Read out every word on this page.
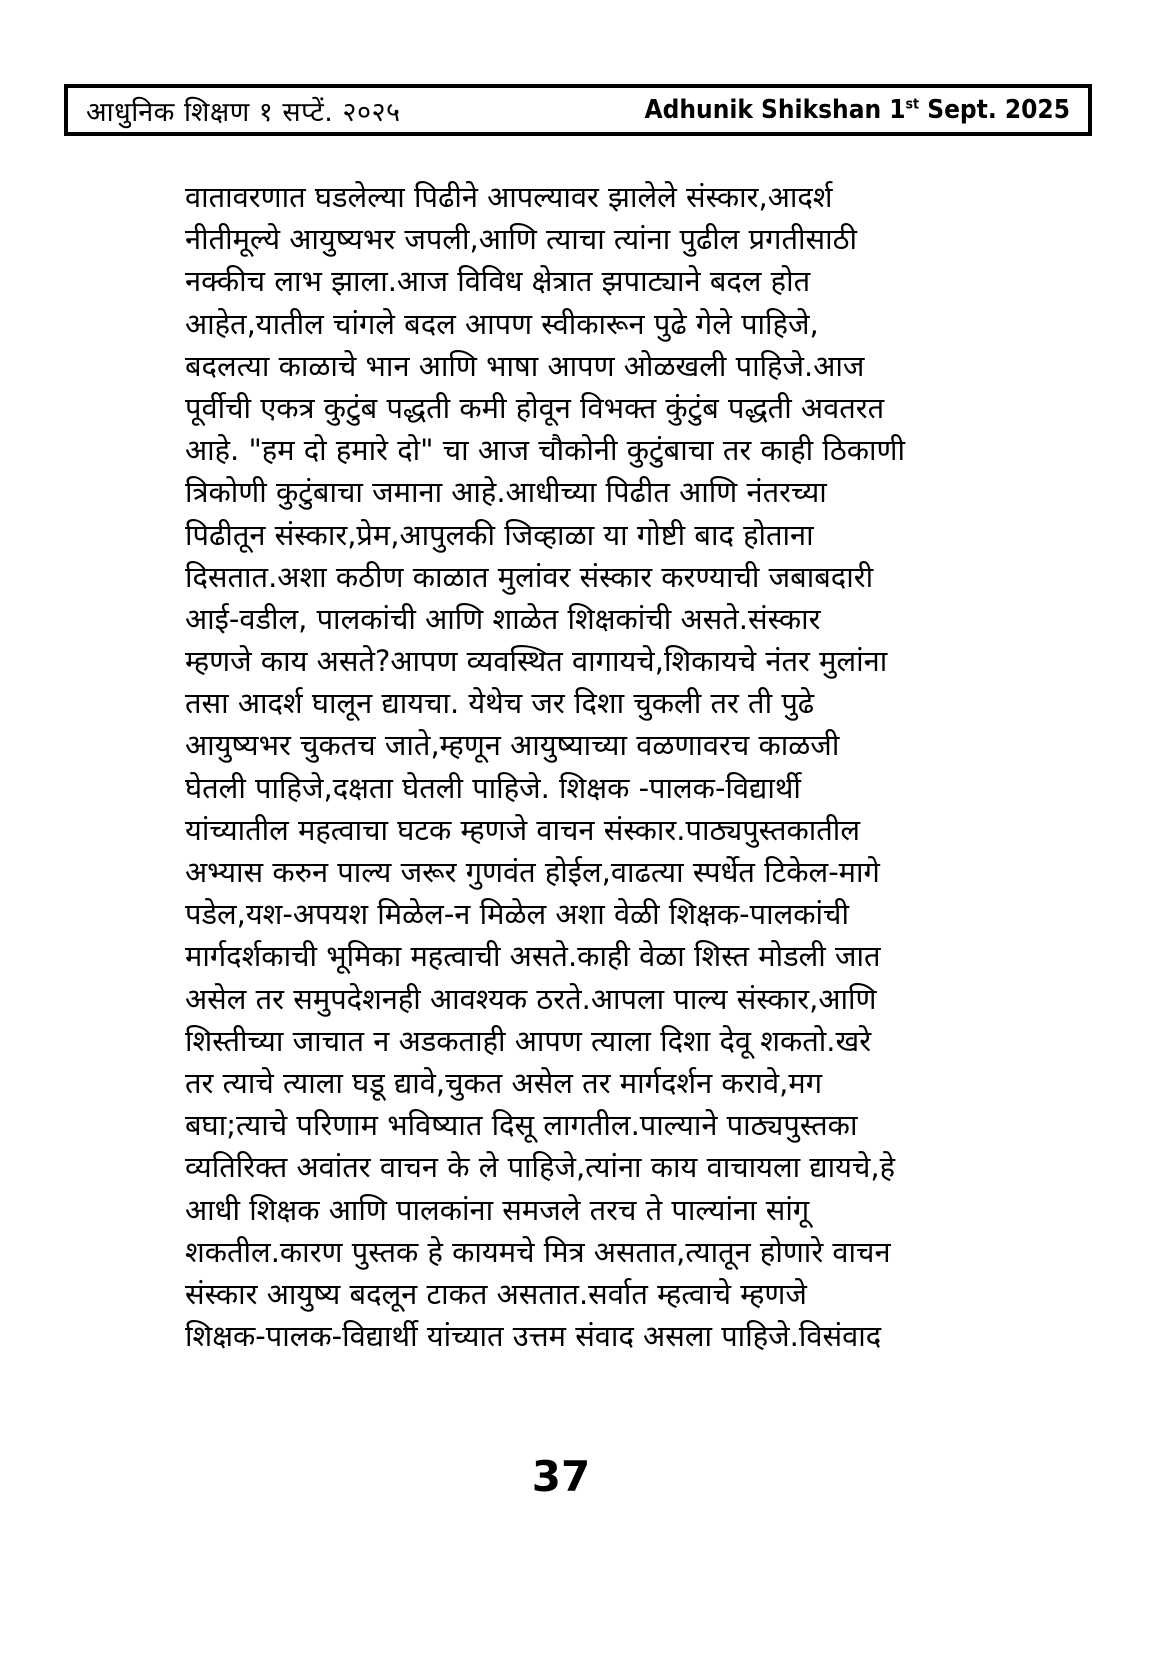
आधुनिक शिक्षण १ सप्टें. २०२५	Adhunik Shikshan 1st Sept. 2025
वातावरणात घडलेल्या पिढीने आपल्यावर झालेले संस्कार,आदर्श
नीतीमूल्ये आयुष्यभर जपली,आणि त्याचा त्यांना पुढील प्रगतीसाठी
नक्कीच लाभ झाला.आज विविध क्षेत्रात झपाट्याने बदल होत
आहेत,यातील चांगले बदल आपण स्वीकारून पुढे गेले पाहिजे,
बदलत्या काळाचे भान आणि भाषा आपण ओळखली पाहिजे.आज
पूर्वीची एकत्र कुटुंब पद्धती कमी होवून विभक्त कुंटुंब पद्धती अवतरत
आहे. "हम दो हमारे दो" चा आज चौकोनी कुटुंबाचा तर काही ठिकाणी
त्रिकोणी कुटुंबाचा जमाना आहे.आधीच्या पिढीत आणि नंतरच्या
पिढीतून संस्कार,प्रेम,आपुलकी जिव्हाळा या गोष्टी बाद होताना
दिसतात.अशा कठीण काळात मुलांवर संस्कार करण्याची जबाबदारी
आई-वडील, पालकांची आणि शाळेत शिक्षकांची असते.संस्कार
म्हणजे काय असते?आपण व्यवस्थित वागायचे,शिकायचे नंतर मुलांना
तसा आदर्श घालून द्यायचा. येथेच जर दिशा चुकली तर ती पुढे
आयुष्यभर चुकतच जाते,म्हणून आयुष्याच्या वळणावरच काळजी
घेतली पाहिजे,दक्षता घेतली पाहिजे. शिक्षक -पालक-विद्यार्थी
यांच्यातील महत्वाचा घटक म्हणजे वाचन संस्कार.पाठ्यपुस्तकातील
अभ्यास करुन पाल्य जरूर गुणवंत होईल,वाढत्या स्पर्धेत टिकेल-मागे
पडेल,यश-अपयश मिळेल-न मिळेल अशा वेळी शिक्षक-पालकांची
मार्गदर्शकाची भूमिका महत्वाची असते.काही वेळा शिस्त मोडली जात
असेल तर समुपदेशनही आवश्यक ठरते.आपला पाल्य संस्कार,आणि
शिस्तीच्या जाचात न अडकताही आपण त्याला दिशा देवू शकतो.खरे
तर त्याचे त्याला घडू द्यावे,चुकत असेल तर मार्गदर्शन करावे,मग
बघा;त्याचे परिणाम भविष्यात दिसू लागतील.पाल्याने पाठ्यपुस्तका
व्यतिरिक्त अवांतर वाचन के ले पाहिजे,त्यांना काय वाचायला द्यायचे,हे
आधी शिक्षक आणि पालकांना समजले तरच ते पाल्यांना सांगू
शकतील.कारण पुस्तक हे कायमचे मित्र असतात,त्यातून होणारे वाचन
संस्कार आयुष्य बदलून टाकत असतात.सर्वात म्हत्वाचे म्हणजे
शिक्षक-पालक-विद्यार्थी यांच्यात उत्तम संवाद असला पाहिजे.विसंवाद
37
